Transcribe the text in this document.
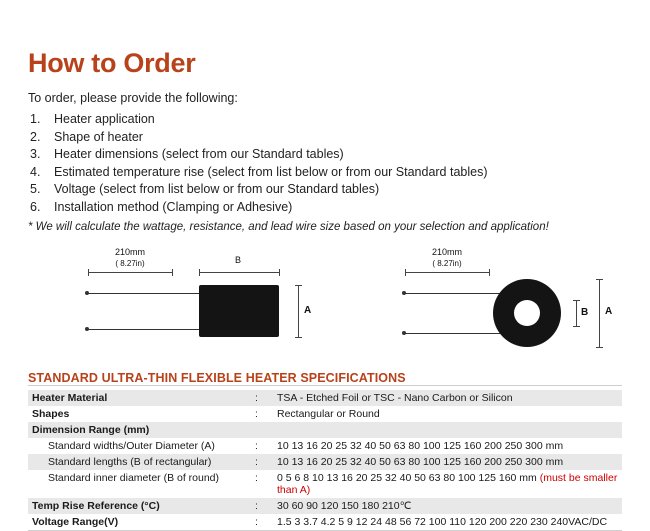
How to Order
To order, please provide the following:
1. Heater application
2. Shape of heater
3. Heater dimensions (select from our Standard tables)
4. Estimated temperature rise (select from list below or from our Standard tables)
5. Voltage (select from list below or from our Standard tables)
6. Installation method (Clamping or Adhesive)
* We will calculate the wattage, resistance, and lead wire size based on your selection and application!
210mm
( 8.27in)	B
A
210mm
( 8.27in)
B A
STANDARD ULTRA-THIN FLEXIBLE HEATER SPECIFICATIONS
Heater Material	:	TSA - Etched Foil or TSC - Nano Carbon or Silicon
Shapes	:	Rectangular or Round
Dimension Range (mm)		
Standard widths/Outer Diameter (A)	:	10 13 16 20 25 32 40 50 63 80 100 125 160 200 250 300 mm
Standard lengths (B of rectangular)	:	10 13 16 20 25 32 40 50 63 80 100 125 160 200 250 300 mm
Standard inner diameter (B of round)	:	0 5 6 8 10 13 16 20 25 32 40 50 63 80 100 125 160 mm (must be smaller than A)
Temp Rise Reference (°C)	:	30 60 90 120 150 180 210℃
Voltage Range(V)	:	1.5 3 3.7 4.2 5 9 12 24 48 56 72 100 110 120 200 220 230 240VAC/DC
